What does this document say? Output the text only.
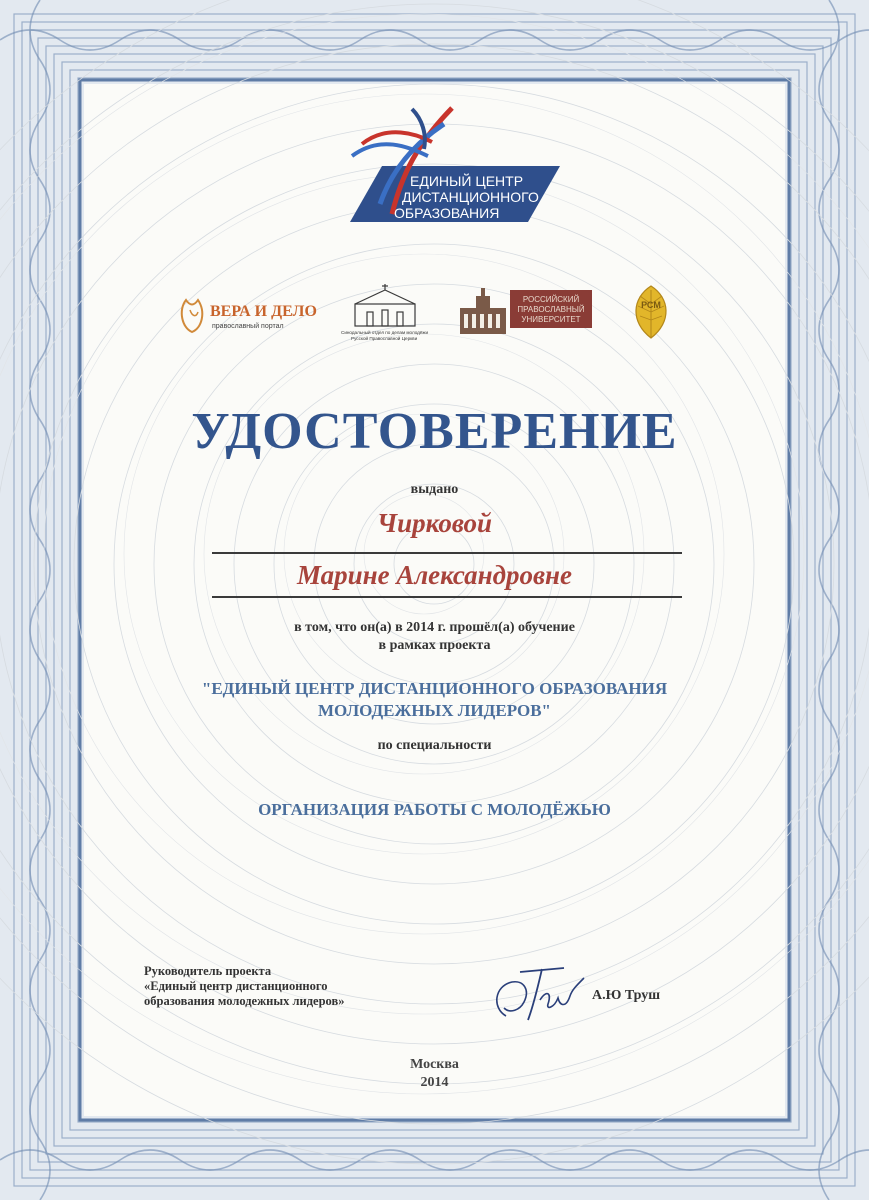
ЕДИНЫЙ ЦЕНТР
ДИСТАНЦИОННОГО
ОБРАЗОВАНИЯ
ВЕРА И ДЕЛО
православный портал
Синодальный отдел по делам молодёжи
Русской Православной Церкви
РОССИЙСКИЙ
ПРАВОСЛАВНЫЙ
УНИВЕРСИТЕТ
РСМ
УДОСТОВЕРЕНИЕ
выдано
Чирковой
Марине Александровне
в том, что он(а) в 2014 г. прошёл(а) обучение
в рамках проекта
"ЕДИНЫЙ ЦЕНТР ДИСТАНЦИОННОГО ОБРАЗОВАНИЯ
МОЛОДЕЖНЫХ ЛИДЕРОВ"
по специальности
ОРГАНИЗАЦИЯ РАБОТЫ С МОЛОДЁЖЬЮ
Руководитель проекта
«Единый центр дистанционного
образования молодежных лидеров»	А.Ю Труш
Москва
2014
